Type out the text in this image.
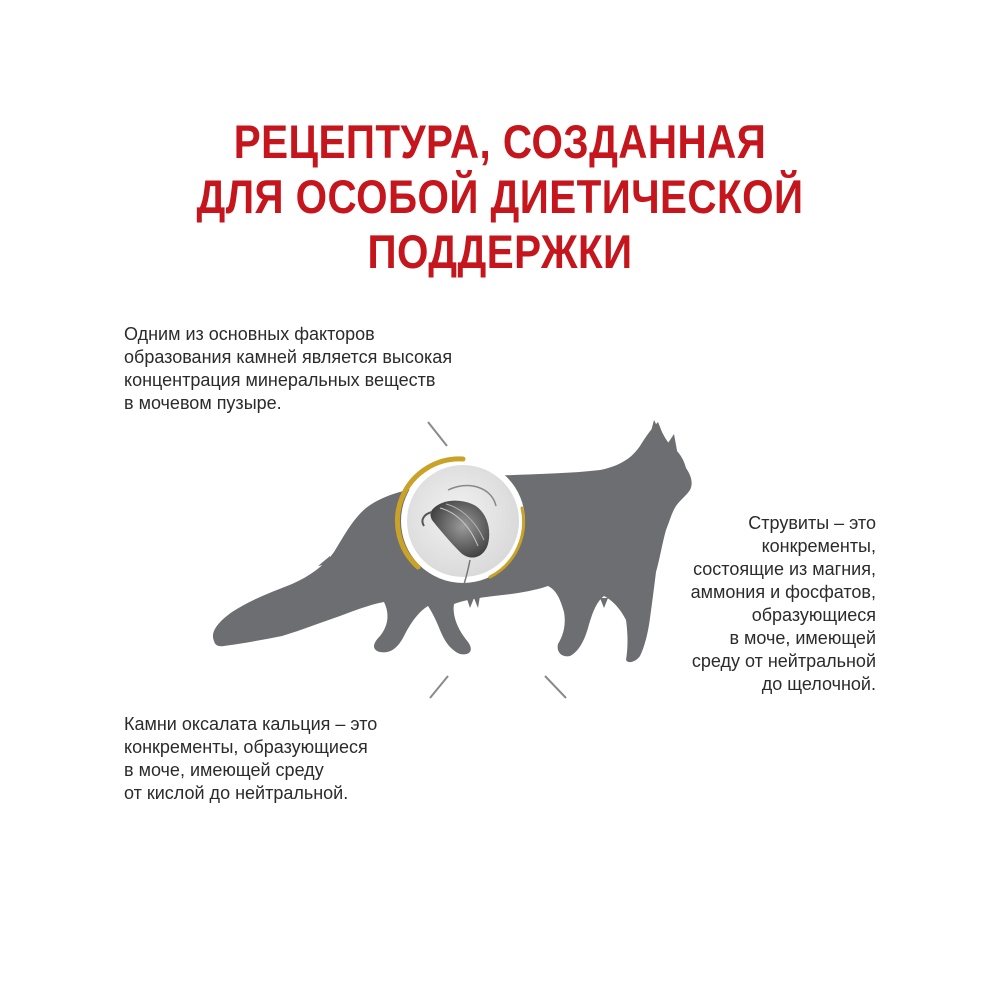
РЕЦЕПТУРА, СОЗДАННАЯ
ДЛЯ ОСОБОЙ ДИЕТИЧЕСКОЙ
ПОДДЕРЖКИ
Одним из основных факторов
образования камней является высокая
концентрация минеральных веществ
в мочевом пузыре.
Струвиты – это
конкременты,
состоящие из магния,
аммония и фосфатов,
образующиеся
в моче, имеющей
среду от нейтральной
до щелочной.
Камни оксалата кальция – это
конкременты, образующиеся
в моче, имеющей среду
от кислой до нейтральной.
